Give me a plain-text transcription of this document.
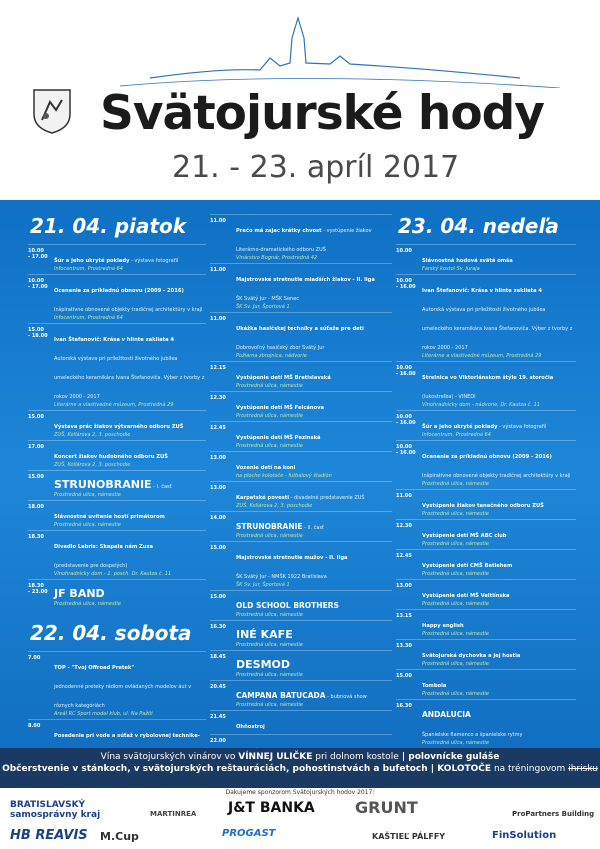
Svätojurské hody
21. - 23. apríl 2017
21. 04. piatok
10.00
- 17.00
Šúr a jeho ukryté poklady - výstava fotografií
Infocentrum, Prostredná 64
10.00
- 17.00
Ocenenie za príkladnú obnovu (2009 - 2016)
Inšpiratívne obnovené objekty tradičnej architektúry v kraji
Infocentrum, Prostredná 64
15.00
- 18.00
Ivan Štefanovič: Krása v hlinte zakliata 4
Autorská výstava pri príležitosti životného jubilea umeleckého keramikára Ivana Štefanoviča. Výber z tvorby z rokov 2000 - 2017
Literárne a vlastivedné múzeum, Prostredná 29
15.00
Výstava prác žiakov výtvarného odboru ZUŠ
ZUŠ, Kollárova 2, 3. poschodie
17.00
Koncert žiakov hudobného odboru ZUŠ
ZUŠ, Kollárova 2, 3. poschodie
15.00
STRUNOBRANIE - I. časť
Prostredná ulica, námestie
18.00
Slávnostné uvítanie hostí primátorom
Prostredná ulica, námestie
18.30
Divadlo Labris: Skapala nám Zuza
(predstavenie pre dospelých)
Vinohradnícky dom - 1. posch. Dr. Kautza č. 11
18.30
- 23.00 JF BAND
Prostredná ulica, námestie
22. 04. sobota
7.00
TOP - "Tvoj Offroad Pretek"
jednodenné preteky rádiom ovládaných modelov áut v rôznych kategóriách
Areál RC Sport model klub, ul. Na Pažiti
8.00
Posedenie pri vode a súťaž v rybolovnej technike-

11.00
Prečo má zajac krátky chvost - vystúpenie žiakov Literárno-dramatického odboru ZUŠ
Vinárstvo Bognár, Prostredná 42
11.00
Majstrovské stretnutie mladších žiakov - II. liga
ŠK Svätý Jur - MŠK Senec
ŠK Sv. Jur, Športová 1
11.00
Ukážka hasičskej techniky a súťaže pre deti
Dobrovoľný hasičský zbor Svätý Jur
Požiarna zbrojnica, nádvorie
12.15
Vystúpenie detí MŠ Bratislavská
Prostredná ulica, námestie
12.30
Vystúpenie detí MŠ Felcánova
Prostredná ulica, námestie
12.45
Vystúpenie detí MŠ Pezinská
Prostredná ulica, námestie
13.00
Vozenie detí na koni
na ploche kolotoče - futbalový štadión
13.00
Karpatské povesti - divadelné predstavenie ZUŠ
ZUŠ, Kollárova 2, 3. poschodie
14.00
STRUNOBRANIE - II. časť
Prostredná ulica, námestie
15.00
Majstrovské stretnutie mužov - II. liga
ŠK Svätý Jur - NMŠK 1922 Bratislava
ŠK Sv. Jur, Športová 1
15.00
OLD SCHOOL BROTHERS
Prostredná ulica, námestie
16.30
INÉ KAFE
Prostredná ulica, námestie
18.45
DESMOD
Prostredná ulica, námestie
20.45
CAMPANA BATUCADA - bubnová show
Prostredná ulica, námestie
21.45
Ohňostroj
22.00

23. 04. nedeľa
10.00
Slávnostná hodová svätá omša
Farský kostol Sv. Juraja
10.00
- 16.00
Ivan Štefanovič: Krása v hlinte zakliata 4
Autorská výstava pri príležitosti životného jubilea umeleckého keramikára Ivana Štefanoviča. Výber z tvorby z rokov 2000 - 2017
Literárne a vlastivedné múzeum, Prostredná 29
10.00
- 16.00
Strelnica vo Viktoriánskom štýle 19. storočia
(lukostrelba) - VINEDI
Vinohradnícky dom - nádvorie, Dr. Kautza č. 11
10.00
- 16.00
Šúr a jeho ukryté poklady - výstava fotografií
Infocentrum, Prostredná 64
10.00
- 16.00
Ocenenie za príkladnú obnovu (2009 - 2016)
Inšpiratívne obnovené objekty tradičnej architektúry v kraji
Prostredná ulica, námestie
11.00
Vystúpenie žiakov tanečného odboru ZUŠ
Prostredná ulica, námestie
12.30
Vystúpenie detí MŠ ABC club
Prostredná ulica, námestie
12.45
Vystúpenie detí CMŠ Betlehem
Prostredná ulica, námestie
13.00
Vystúpenie detí MŠ Veltlínska
Prostredná ulica, námestie
13.15
Happy english
Prostredná ulica, námestie
13.30
Svätojurská dychovka a jej hostia
Prostredná ulica, námestie
15.00
Tombola
Prostredná ulica, námestie
16.30
ANDALUCIA
Španielske flamenco a španielske rytmy
Prostredná ulica, námestie

Vína svätojurských vinárov vo VÍNNEJ ULIČKE pri dolnom kostole | polovnícke guláše
Občerstvenie v stánkoch, v svätojurských reštauráciách, pohostinstvách a bufetoch | KOLOTOČE na tréningovom ihrisku
Dakujeme sponzorom Svätojurských hodov 2017:
BRATISLAVSKÝ samosprávny kraj	MARTINREA J&T BANKA	GRUNT	ProPartners Building
HB REAVIS M.Cup	PROGAST	KAŠTIEĽ PÁLFFY	FinSolution
